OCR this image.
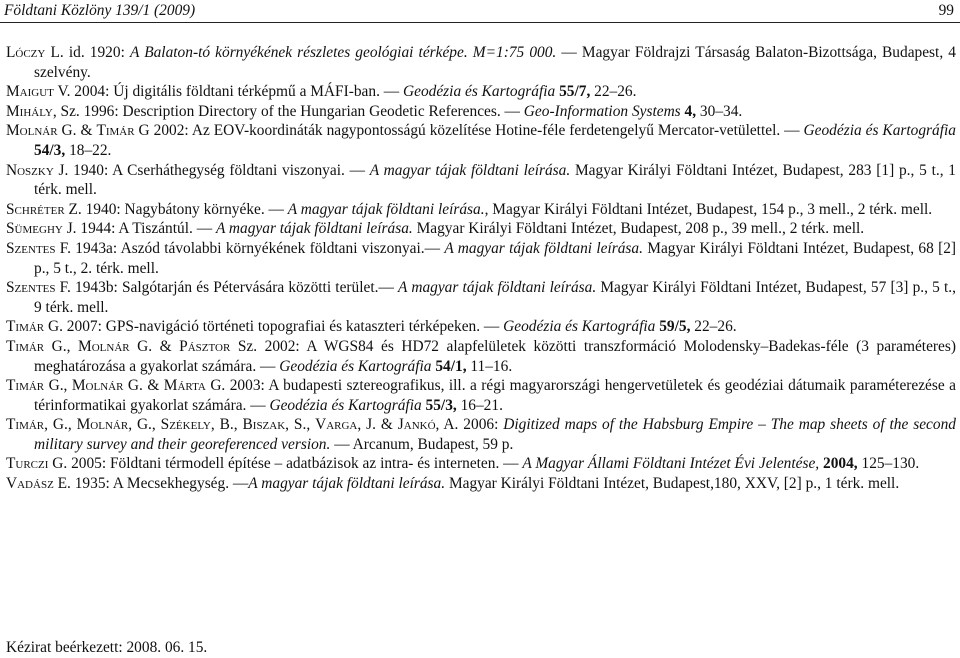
Földtani Közlöny 139/1 (2009)	99
Lóczy L. id. 1920: A Balaton-tó környékének részletes geológiai térképe. M=1:75 000. — Magyar Földrajzi Társaság Balaton-Bizottsága, Budapest, 4 szelvény.
Maigut V. 2004: Új digitális földtani térképmű a MÁFI-ban. — Geodézia és Kartográfia 55/7, 22–26.
Mihály, Sz. 1996: Description Directory of the Hungarian Geodetic References. — Geo-Information Systems 4, 30–34.
Molnár G. & Timár G 2002: Az EOV-koordináták nagypontosságú közelítése Hotine-féle ferdetengelyű Mercator-vetülettel. — Geodézia és Kartográfia 54/3, 18–22.
Noszky J. 1940: A Cserháthegység földtani viszonyai. — A magyar tájak földtani leírása. Magyar Királyi Földtani Intézet, Budapest, 283 [1] p., 5 t., 1 térk. mell.
Schréter Z. 1940: Nagybátony környéke. — A magyar tájak földtani leírása., Magyar Királyi Földtani Intézet, Budapest, 154 p., 3 mell., 2 térk. mell.
Sümeghy J. 1944: A Tiszántúl. — A magyar tájak földtani leírása. Magyar Királyi Földtani Intézet, Budapest, 208 p., 39 mell., 2 térk. mell.
Szentes F. 1943a: Aszód távolabbi környékének földtani viszonyai.— A magyar tájak földtani leírása. Magyar Királyi Földtani Intézet, Budapest, 68 [2] p., 5 t., 2. térk. mell.
Szentes F. 1943b: Salgótarján és Pétervására közötti terület.— A magyar tájak földtani leírása. Magyar Királyi Földtani Intézet, Budapest, 57 [3] p., 5 t., 9 térk. mell.
Timár G. 2007: GPS-navigáció történeti topografiai és kataszteri térképeken. — Geodézia és Kartográfia 59/5, 22–26.
Timár G., Molnár G. & Pásztor Sz. 2002: A WGS84 és HD72 alapfelületek közötti transzformáció Molodensky–Badekas-féle (3 paraméteres) meghatározása a gyakorlat számára. — Geodézia és Kartográfia 54/1, 11–16.
Timár G., Molnár G. & Márta G. 2003: A budapesti sztereografikus, ill. a régi magyarországi hengervetületek és geodéziai dátumaik paraméterezése a térinformatikai gyakorlat számára. — Geodézia és Kartográfia 55/3, 16–21.
Timár, G., Molnár, G., Székely, B., Biszak, S., Varga, J. & Jankó, A. 2006: Digitized maps of the Habsburg Empire – The map sheets of the second military survey and their georeferenced version. — Arcanum, Budapest, 59 p.
Turczi G. 2005: Földtani térmodell építése – adatbázisok az intra- és interneten. — A Magyar Állami Földtani Intézet Évi Jelentése, 2004, 125–130.
Vadász E. 1935: A Mecsekhegység. —A magyar tájak földtani leírása. Magyar Királyi Földtani Intézet, Budapest,180, XXV, [2] p., 1 térk. mell.
Kézirat beérkezett: 2008. 06. 15.
